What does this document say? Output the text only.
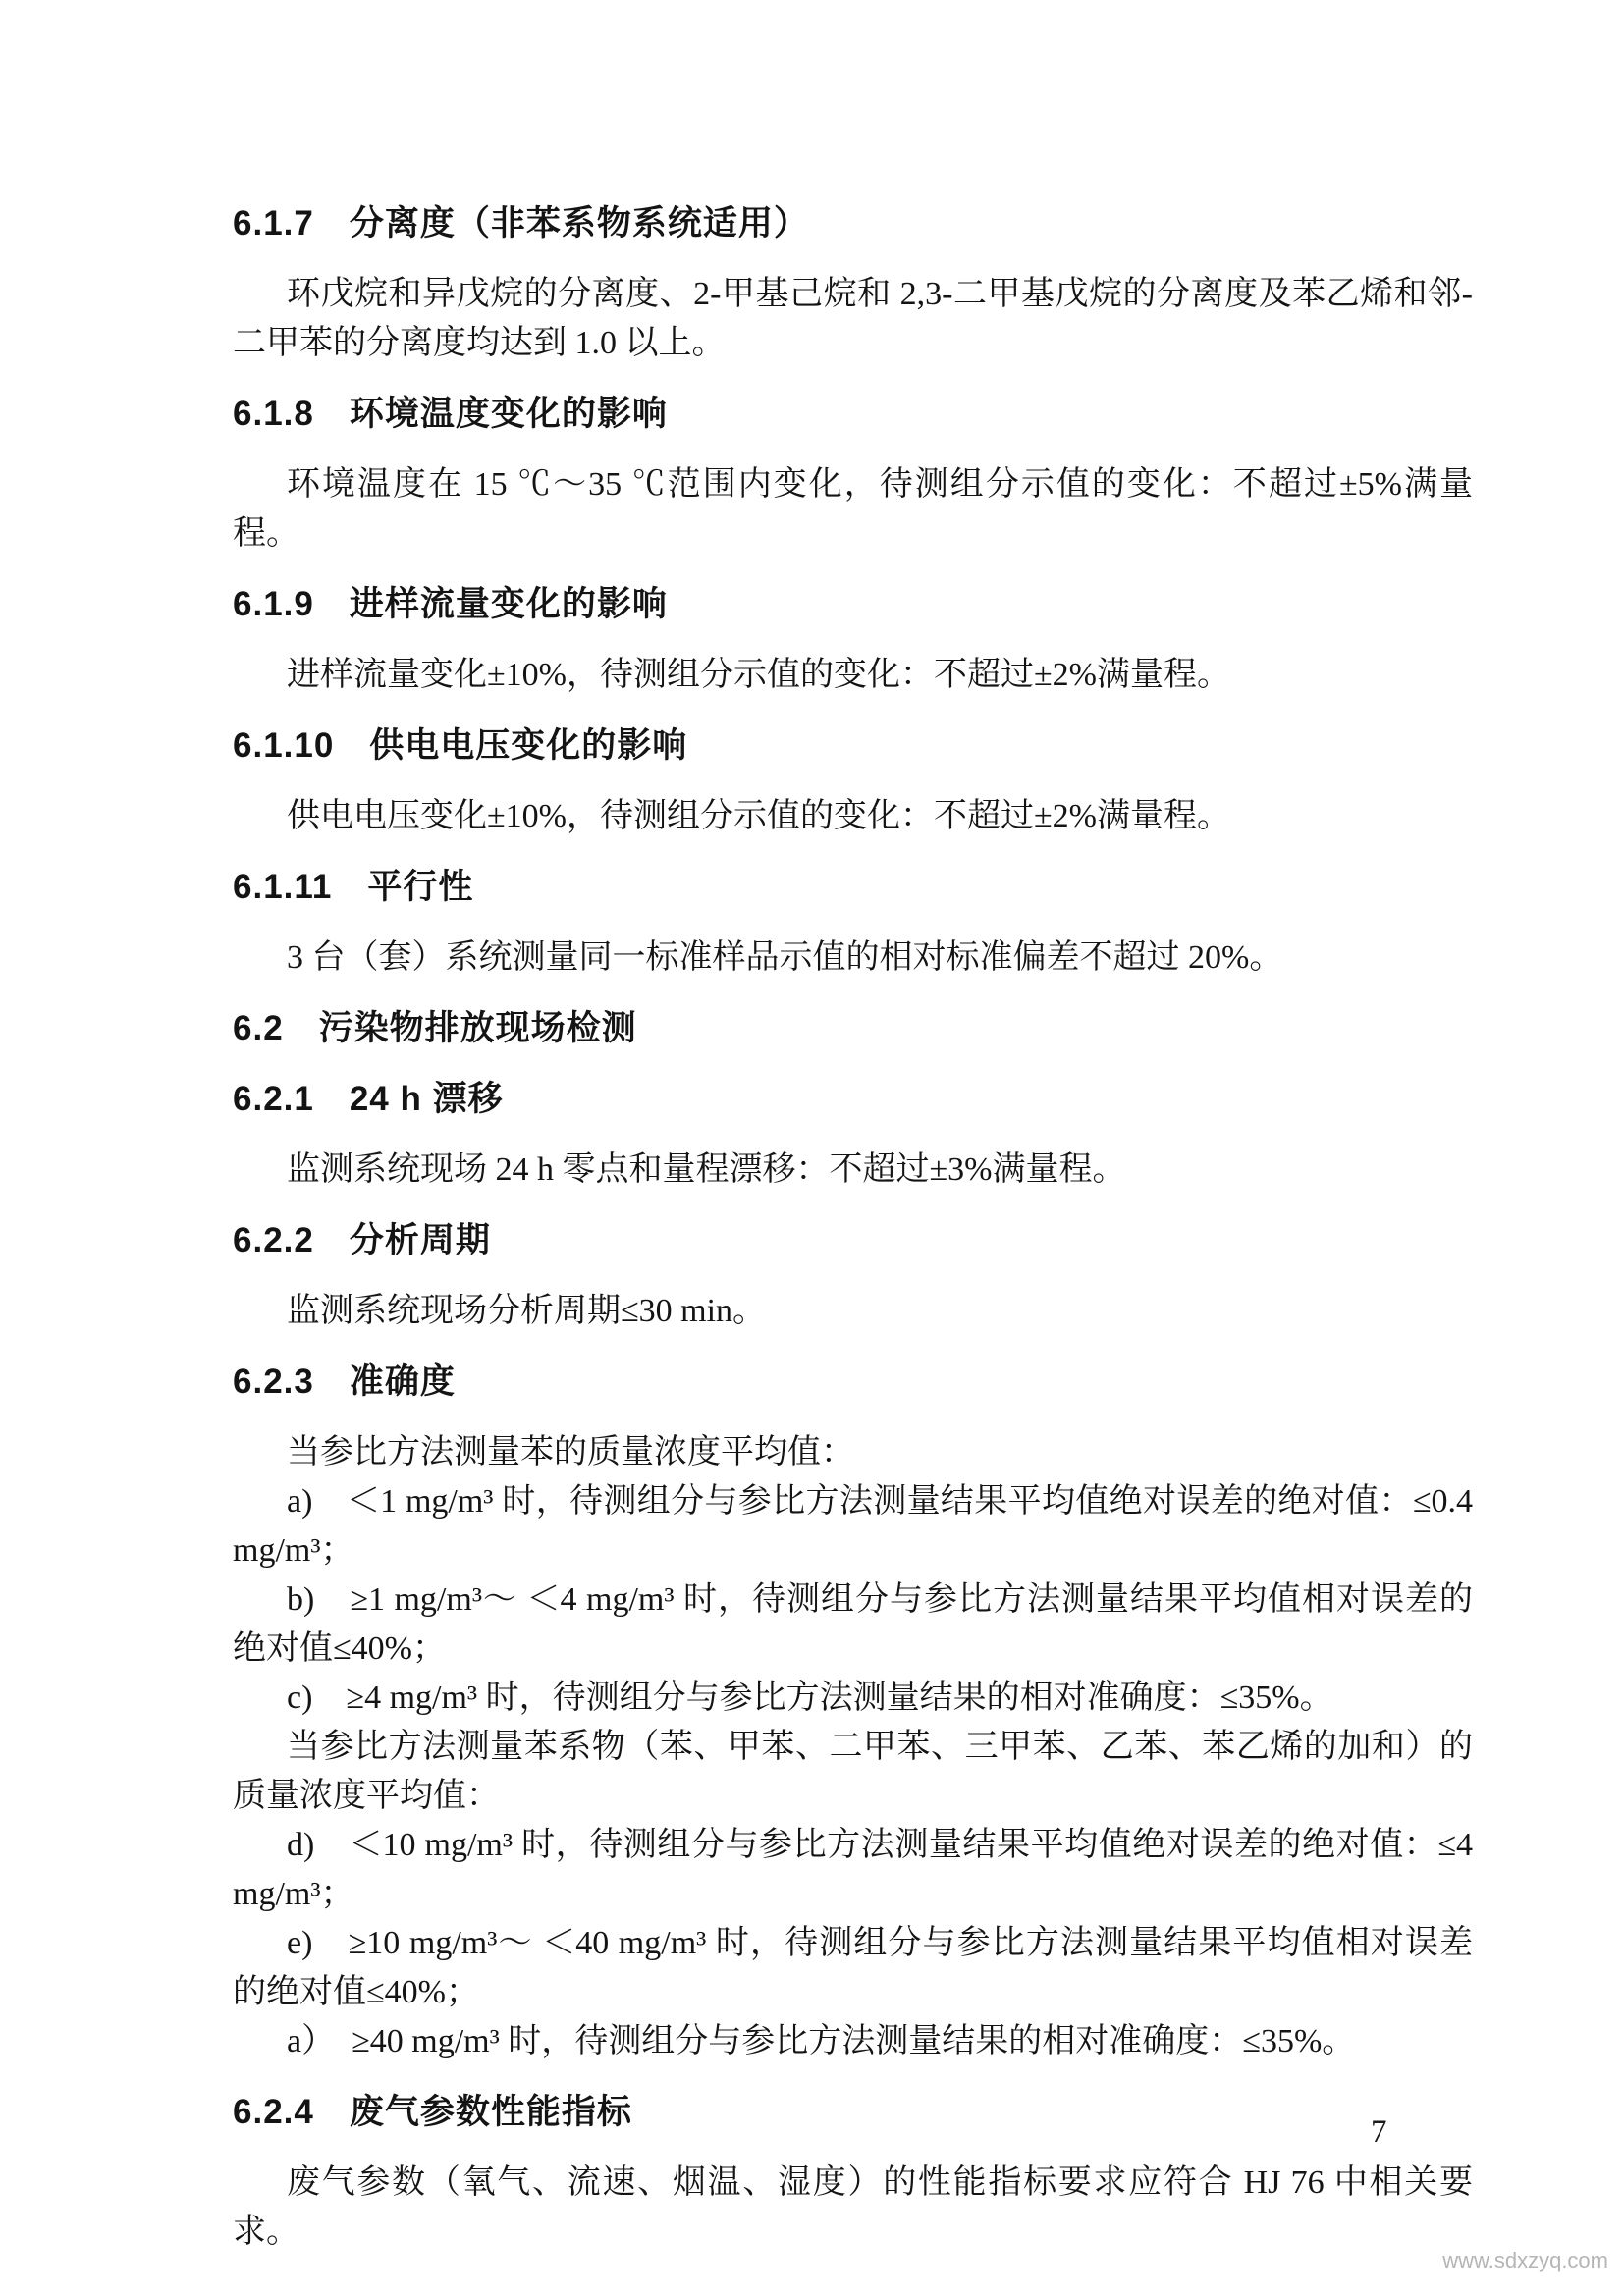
6.1.7　分离度（非苯系物系统适用）
环戊烷和异戊烷的分离度、2-甲基己烷和 2,3-二甲基戊烷的分离度及苯乙烯和邻-二甲苯的分离度均达到 1.0 以上。
6.1.8　环境温度变化的影响
环境温度在 15 ℃～35 ℃范围内变化，待测组分示值的变化：不超过±5%满量程。
6.1.9　进样流量变化的影响
进样流量变化±10%，待测组分示值的变化：不超过±2%满量程。
6.1.10　供电电压变化的影响
供电电压变化±10%，待测组分示值的变化：不超过±2%满量程。
6.1.11　平行性
3 台（套）系统测量同一标准样品示值的相对标准偏差不超过 20%。
6.2　污染物排放现场检测
6.2.1　24 h 漂移
监测系统现场 24 h 零点和量程漂移：不超过±3%满量程。
6.2.2　分析周期
监测系统现场分析周期≤30 min。
6.2.3　准确度
当参比方法测量苯的质量浓度平均值：
a)　＜1 mg/m³ 时，待测组分与参比方法测量结果平均值绝对误差的绝对值：≤0.4 mg/m³；
b)　≥1 mg/m³～ ＜4 mg/m³ 时，待测组分与参比方法测量结果平均值相对误差的绝对值≤40%；
c)　≥4 mg/m³ 时，待测组分与参比方法测量结果的相对准确度：≤35%。
当参比方法测量苯系物（苯、甲苯、二甲苯、三甲苯、乙苯、苯乙烯的加和）的质量浓度平均值：
d)　＜10 mg/m³ 时，待测组分与参比方法测量结果平均值绝对误差的绝对值：≤4 mg/m³；
e)　≥10 mg/m³～ ＜40 mg/m³ 时，待测组分与参比方法测量结果平均值相对误差的绝对值≤40%；
a）　≥40 mg/m³ 时，待测组分与参比方法测量结果的相对准确度：≤35%。
6.2.4　废气参数性能指标
废气参数（氧气、流速、烟温、湿度）的性能指标要求应符合 HJ 76 中相关要求。
7
www.sdxzyq.com
